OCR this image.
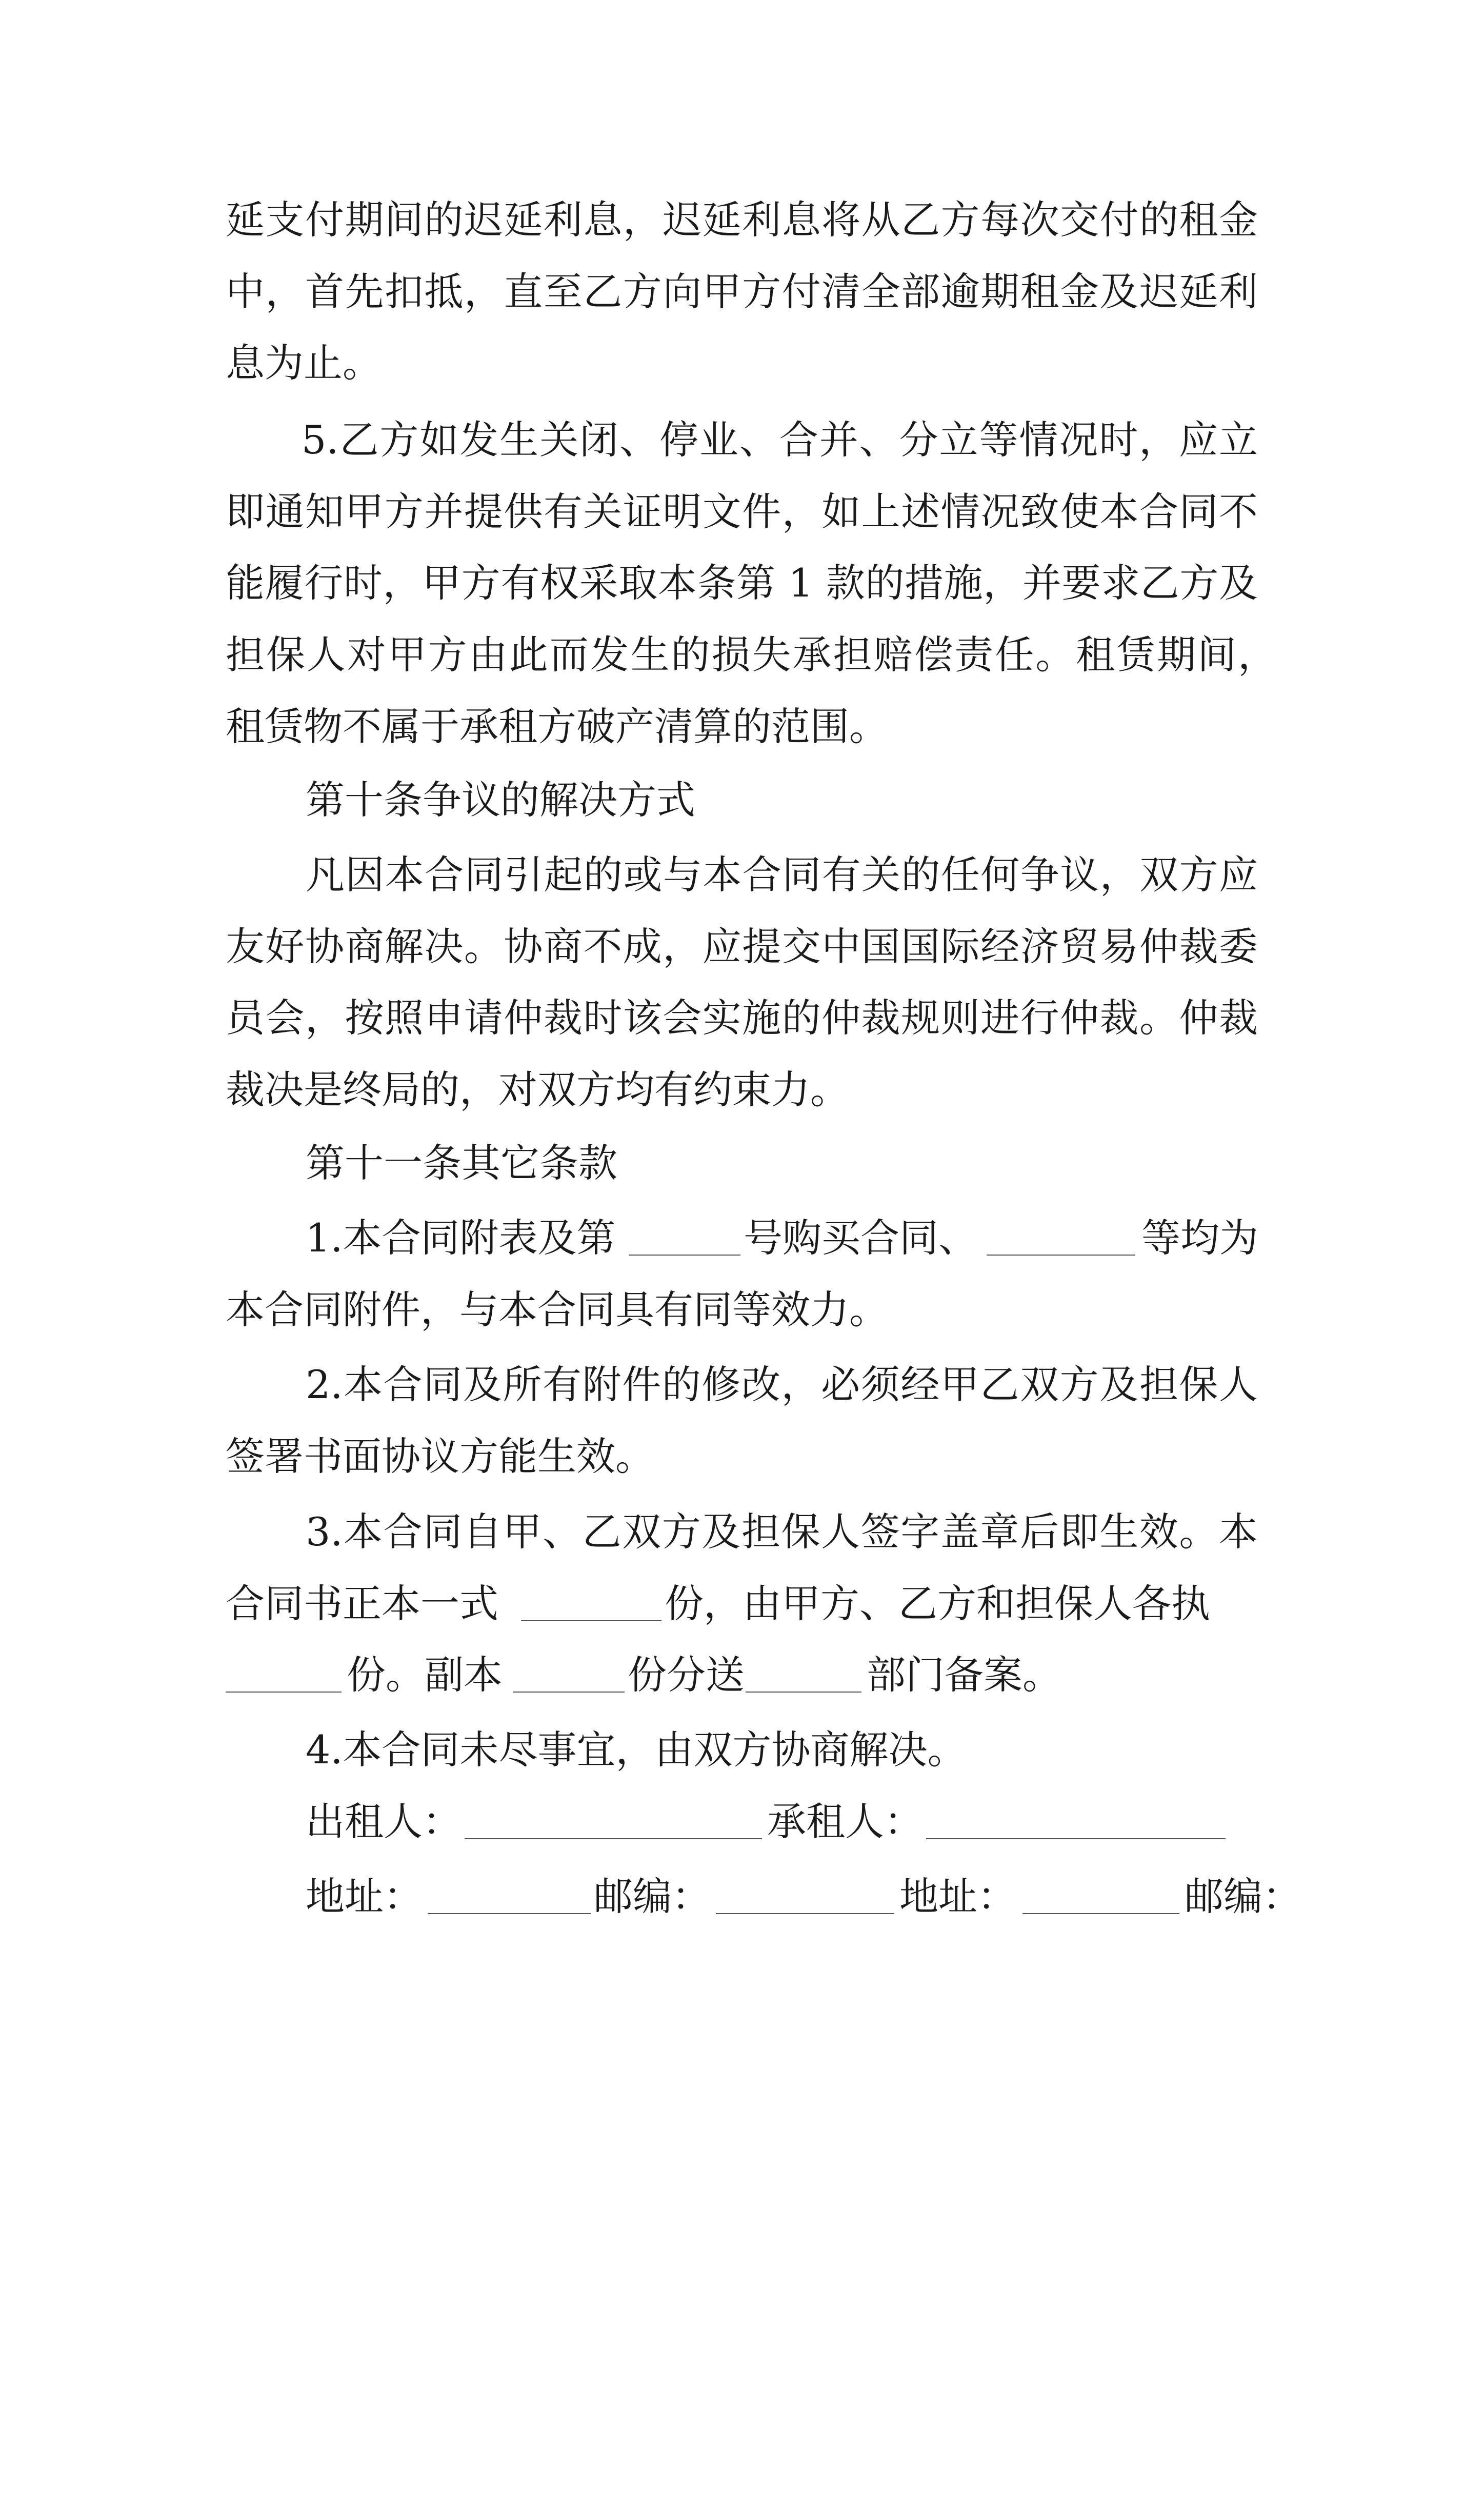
延支付期间的迟延利息，迟延利息将从乙方每次交付的租金

中，首先扣抵，直至乙方向甲方付清全部逾期租金及迟延利

息为止。

5.乙方如发生关闭、停业、合并、分立等情况时，应立

即通知甲方并提供有关证明文件，如上述情况致使本合同不

能履行时，甲方有权采取本条第 1 款的措施，并要求乙方及

担保人对甲方由此而发生的损失承担赔偿责任。租赁期间，

租赁物不属于承租方破产清算的范围。

第十条争议的解决方式

凡因本合同引起的或与本合同有关的任何争议，双方应

友好协商解决。协商不成，应提交中国国际经济贸易仲裁委

员会，按照申请仲裁时该会实施的仲裁规则进行仲裁。仲裁

裁决是终局的，对双方均有约束力。

第十一条其它条款

1.本合同附表及第

	号购买合同、

	等均为

本合同附件，与本合同具有同等效力。

2.本合同及所有附件的修改，必须经甲乙双方及担保人

签署书面协议方能生效。

3.本合同自甲、乙双方及担保人签字盖章后即生效。本

合同书正本一式

	份，由甲方、乙方和担保人各执

份。副本

	份分送

	部门备案。

4.本合同未尽事宜，由双方协商解决。

出租人：

	承租人：

地址：

	邮编：

	地址：

	邮编：
